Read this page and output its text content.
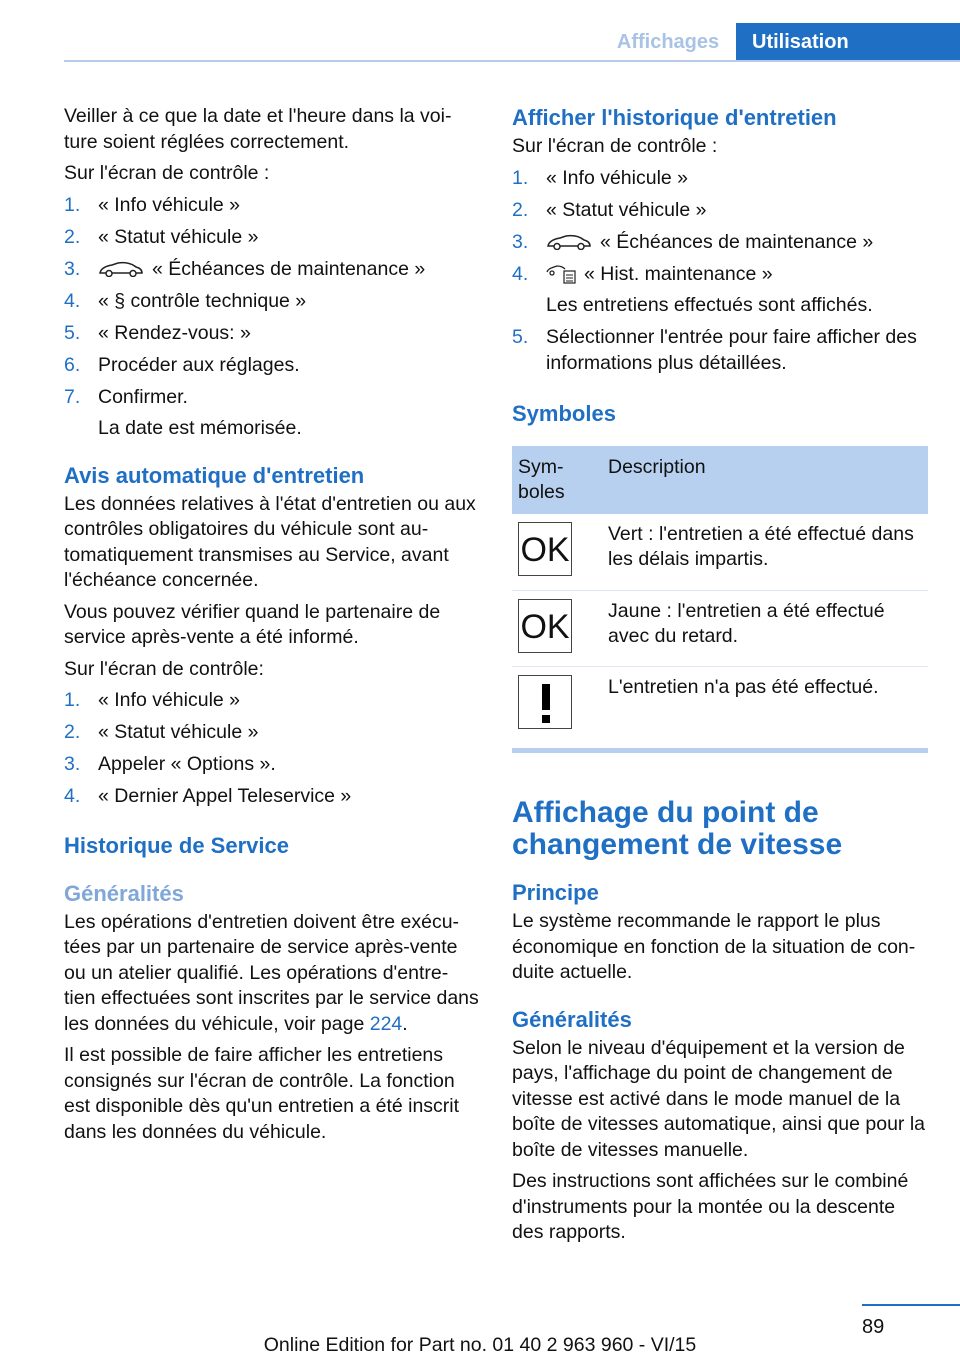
Affichages	Utilisation

Veiller à ce que la date et l'heure dans la voi-ture soient réglées correctement.

Sur l'écran de contrôle :

1. « Info véhicule »
2. « Statut véhicule »
3.	« Échéances de maintenance »
4. « § contrôle technique »
5. « Rendez-vous: »
6. Procéder aux réglages.
7. Confirmer.
La date est mémorisée.
Avis automatique d'entretien

Les données relatives à l'état d'entretien ou aux contrôles obligatoires du véhicule sont au-tomatiquement transmises au Service, avant l'échéance concernée.

Vous pouvez vérifier quand le partenaire de service après-vente a été informé.

Sur l'écran de contrôle:

1. « Info véhicule »
2. « Statut véhicule »
3. Appeler « Options ».
4. « Dernier Appel Teleservice »
Historique de Service
Généralités

Les opérations d'entretien doivent être exécu-tées par un partenaire de service après-vente ou un atelier qualifié. Les opérations d'entre-tien effectuées sont inscrites par le service dans les données du véhicule, voir page 224.

Il est possible de faire afficher les entretiens consignés sur l'écran de contrôle. La fonction est disponible dès qu'un entretien a été inscrit dans les données du véhicule.

Afficher l'historique d'entretien

Sur l'écran de contrôle :

1. « Info véhicule »
2. « Statut véhicule »
3.	« Échéances de maintenance »
4.	« Hist. maintenance »
Les entretiens effectués sont affichés.
5. Sélectionner l'entrée pour faire afficher des informations plus détaillées.
Symboles
Sym-boles	Description

OK	Vert : l'entretien a été effectué dans les délais impartis.

OK	Jaune : l'entretien a été effectué avec du retard.

	L'entretien n'a pas été effectué.
Affichage du point de changement de vitesse
Principe

Le système recommande le rapport le plus économique en fonction de la situation de con-duite actuelle.

Généralités

Selon le niveau d'équipement et la version de pays, l'affichage du point de changement de vitesse est activé dans le mode manuel de la boîte de vitesses automatique, ainsi que pour la boîte de vitesses manuelle.

Des instructions sont affichées sur le combiné d'instruments pour la montée ou la descente des rapports.

89
Online Edition for Part no. 01 40 2 963 960 - VI/15
